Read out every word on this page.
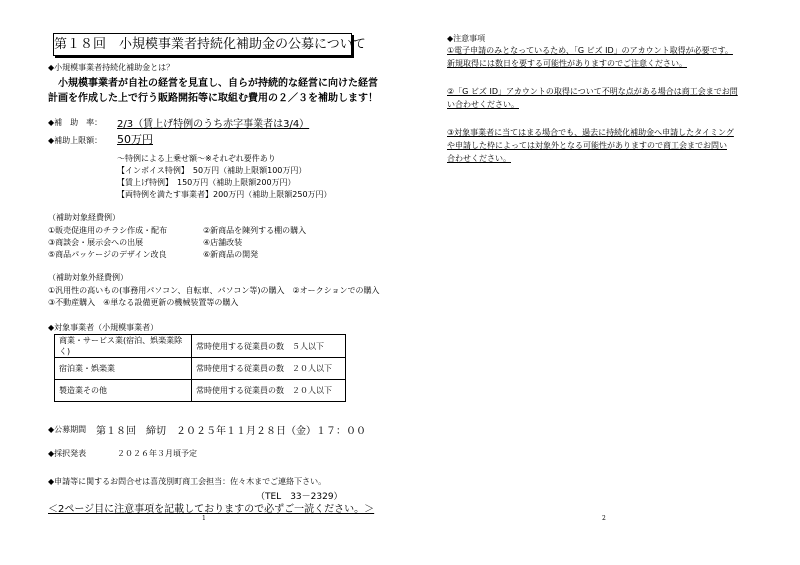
第１８回　小規模事業者持続化補助金の公募について
◆小規模事業者持続化補助金とは？
小規模事業者が自社の経営を見直し、自らが持続的な経営に向けた経営
計画を作成した上で行う販路開拓等に取組む費用の２／３を補助します！
◆補　助　率： 2/3（賃上げ特例のうち赤字事業者は3/4）
◆補助上限額： 50万円
〜特例による上乗せ額〜※それぞれ要件あり
【インボイス特例】　50万円（補助上限額100万円）
【賃上げ特例】　150万円（補助上限額200万円）
【両特例を満たす事業者】200万円（補助上限額250万円）
（補助対象経費例）
①販売促進用のチラシ作成・配布	②新商品を陳列する棚の購入
③商談会・展示会への出展	④店舗改装
⑤商品パッケージのデザイン改良	⑥新商品の開発
（補助対象外経費例）
①汎用性の高いもの(事務用パソコン、自転車、パソコン等)の購入　②オークションでの購入
③不動産購入　④単なる設備更新の機械装置等の購入
◆対象事業者（小規模事業者）
商業・サービス業(宿泊、娯楽業除く)	常時使用する従業員の数　５人以下
宿泊業・娯楽業	常時使用する従業員の数　２０人以下
製造業その他	常時使用する従業員の数　２０人以下
◆公募期間 第１８回　締切　２０２５年１１月２８日（金）１７：００
◆採択発表	２０２６年３月頃予定
◆申請等に関するお問合せは喜茂別町商工会担当：佐々木までご連絡下さい。
（TEL　33－2329）
＜2ページ目に注意事項を記載しておりますので必ずご一読ください。＞
1
◆注意事項
①電子申請のみとなっているため、「G ビズ ID」のアカウント取得が必要です。
新規取得には数日を要する可能性がありますのでご注意ください。
②「G ビズ ID」アカウントの取得について不明な点がある場合は商工会までお問
い合わせください。
③対象事業者に当てはまる場合でも、過去に持続化補助金へ申請したタイミング
や申請した枠によっては対象外となる可能性がありますので商工会までお問い
合わせください。
2
